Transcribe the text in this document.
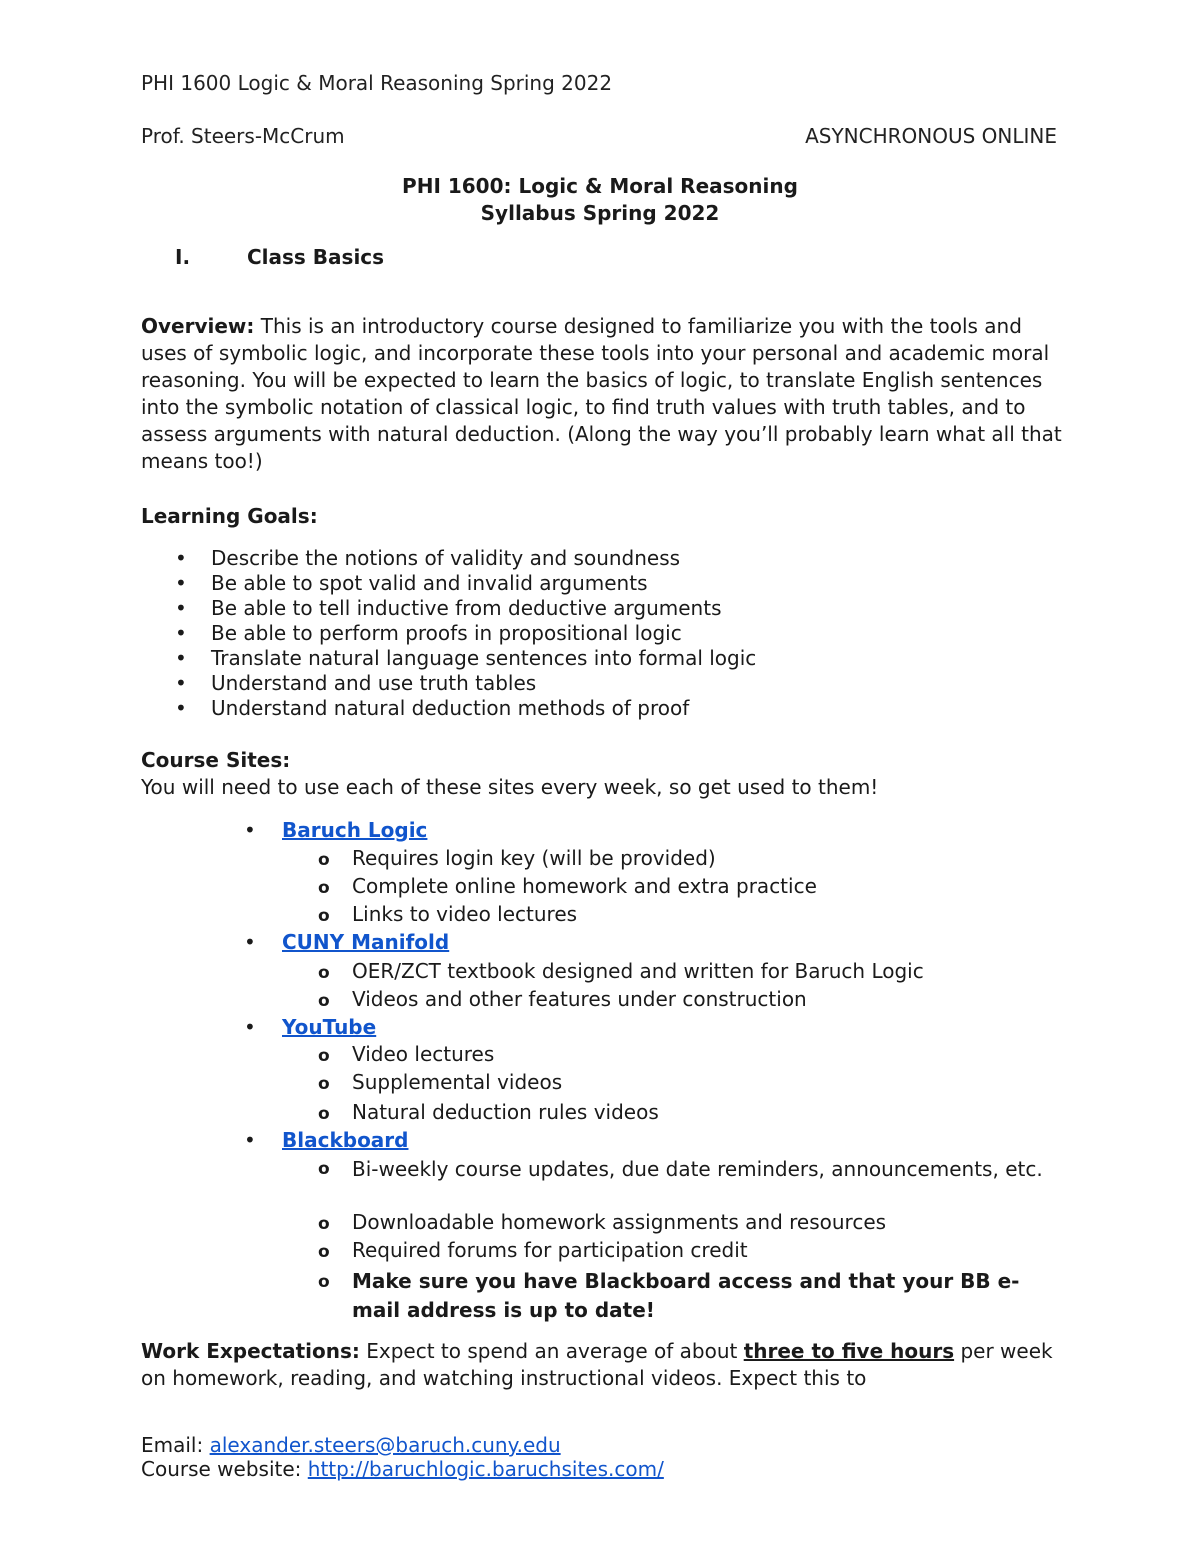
PHI 1600 Logic & Moral Reasoning Spring 2022
Prof. Steers-McCrum	ASYNCHRONOUS ONLINE
PHI 1600: Logic & Moral Reasoning
Syllabus Spring 2022
I.	Class Basics
Overview: This is an introductory course designed to familiarize you with the tools and uses of symbolic logic, and incorporate these tools into your personal and academic moral reasoning. You will be expected to learn the basics of logic, to translate English sentences into the symbolic notation of classical logic, to find truth values with truth tables, and to assess arguments with natural deduction. (Along the way you’ll probably learn what all that means too!)
Learning Goals:
• Describe the notions of validity and soundness
• Be able to spot valid and invalid arguments
• Be able to tell inductive from deductive arguments
• Be able to perform proofs in propositional logic
• Translate natural language sentences into formal logic
• Understand and use truth tables
• Understand natural deduction methods of proof
Course Sites:
You will need to use each of these sites every week, so get used to them!
• Baruch Logic
o Requires login key (will be provided)
o Complete online homework and extra practice
o Links to video lectures
• CUNY Manifold
o OER/ZCT textbook designed and written for Baruch Logic
o Videos and other features under construction
• YouTube
o Video lectures
o Supplemental videos
o Natural deduction rules videos
• Blackboard
o Bi-weekly course updates, due date reminders, announcements, etc.
o Downloadable homework assignments and resources
o Required forums for participation credit
o Make sure you have Blackboard access and that your BB e-mail address is up to date!
Work Expectations: Expect to spend an average of about three to five hours per week on homework, reading, and watching instructional videos. Expect this to
Email: alexander.steers@baruch.cuny.edu
Course website: http://baruchlogic.baruchsites.com/
